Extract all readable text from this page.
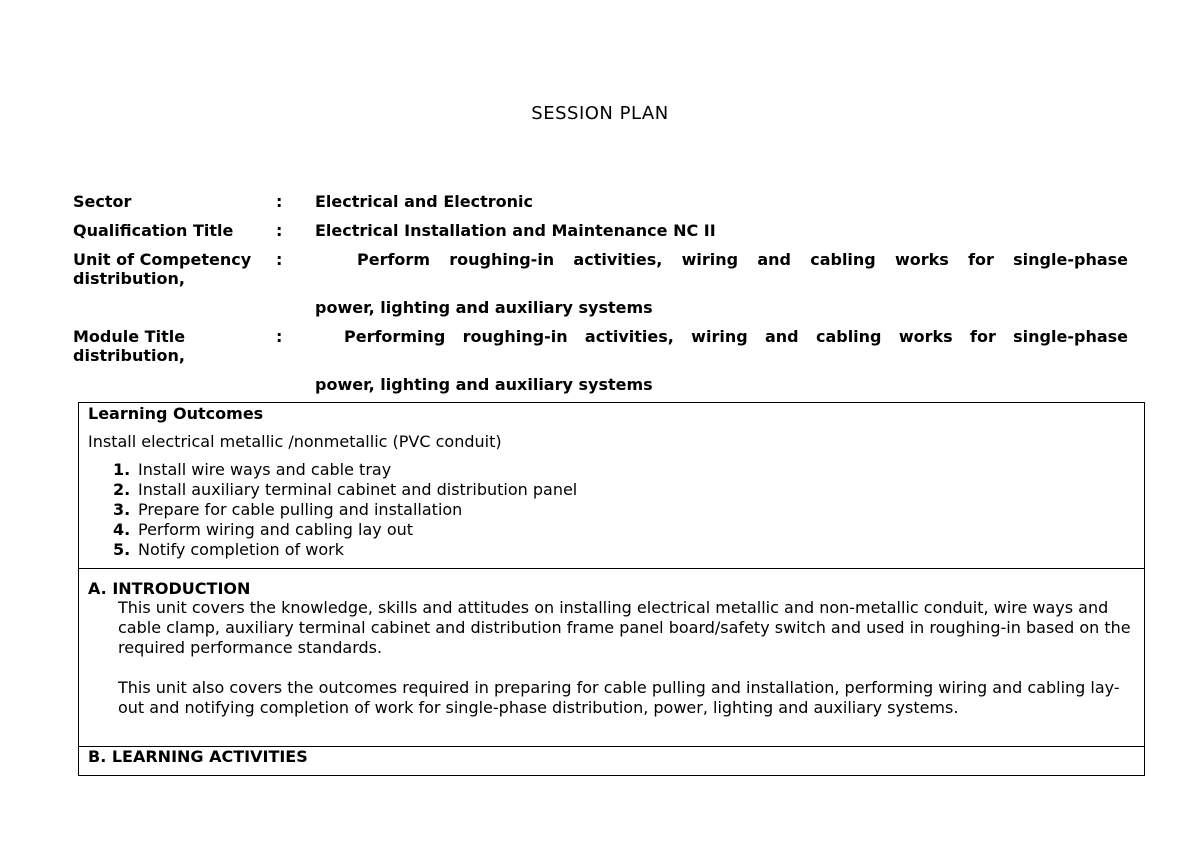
SESSION PLAN
Sector	: Electrical and Electronic
Qualification Title	: Electrical Installation and Maintenance NC II
Unit of Competency :	Perform roughing-in activities, wiring and cabling works for single-phase
distribution,
power, lighting and auxiliary systems
Module Title	:	Performing roughing-in activities, wiring and cabling works for single-phase
distribution,
power, lighting and auxiliary systems
Learning Outcomes
Install electrical metallic /nonmetallic (PVC conduit)
1. Install wire ways and cable tray
2. Install auxiliary terminal cabinet and distribution panel
3. Prepare for cable pulling and installation
4. Perform wiring and cabling lay out
5. Notify completion of work
A. INTRODUCTION
This unit covers the knowledge, skills and attitudes on installing electrical metallic and non-metallic conduit, wire ways and cable clamp, auxiliary terminal cabinet and distribution frame panel board/safety switch and used in roughing-in based on the required performance standards.
This unit also covers the outcomes required in preparing for cable pulling and installation, performing wiring and cabling lay-out and notifying completion of work for single-phase distribution, power, lighting and auxiliary systems.
B. LEARNING ACTIVITIES
